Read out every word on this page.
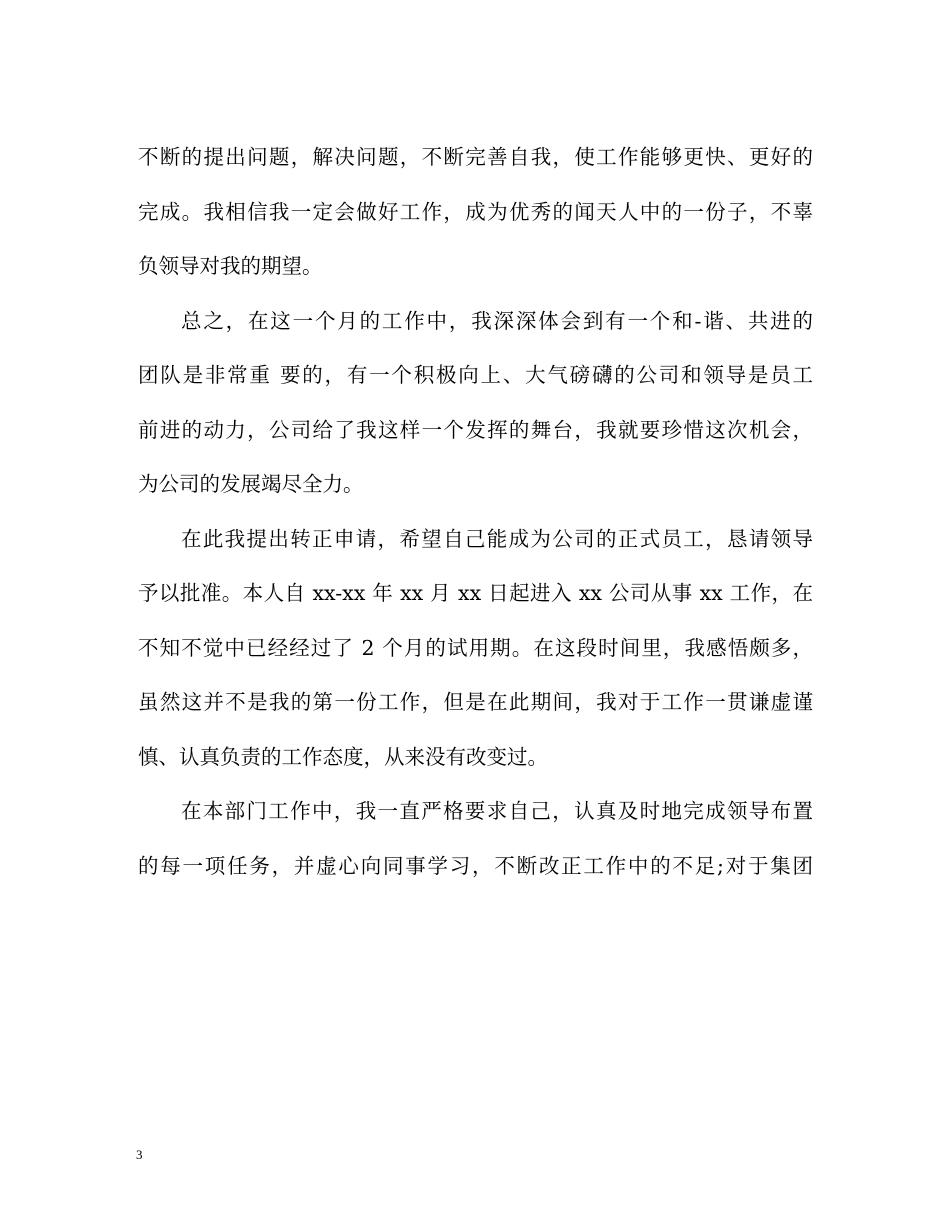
不断的提出问题，解决问题，不断完善自我，使工作能够更快、更好的
完成。我相信我一定会做好工作，成为优秀的闻天人中的一份子，不辜
负领导对我的期望。
总之，在这一个月的工作中，我深深体会到有一个和-谐、共进的
团队是非常重 要的，有一个积极向上、大气磅礴的公司和领导是员工
前进的动力，公司给了我这样一个发挥的舞台，我就要珍惜这次机会，
为公司的发展竭尽全力。
在此我提出转正申请，希望自己能成为公司的正式员工，恳请领导
予以批准。本人自 xx-xx 年 xx 月 xx 日起进入 xx 公司从事 xx 工作，在
不知不觉中已经经过了 2 个月的试用期。在这段时间里，我感悟颇多，
虽然这并不是我的第一份工作，但是在此期间，我对于工作一贯谦虚谨
慎、认真负责的工作态度，从来没有改变过。
在本部门工作中，我一直严格要求自己，认真及时地完成领导布置
的每一项任务，并虚心向同事学习，不断改正工作中的不足;对于集团
3
